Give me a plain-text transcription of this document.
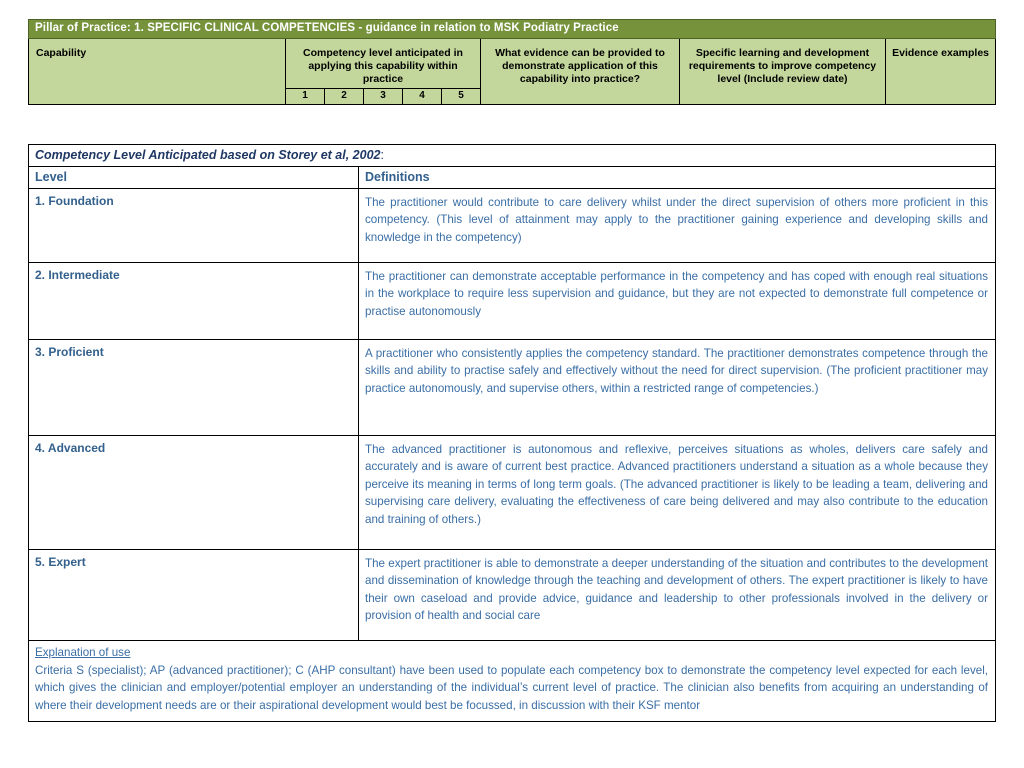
Pillar of Practice: 1. SPECIFIC CLINICAL COMPETENCIES - guidance in relation to MSK Podiatry Practice								
Capability	Competency level anticipated in applying this capability within practice					What evidence can be provided to demonstrate application of this capability into practice?	Specific learning and development requirements to improve competency level (Include review date)	Evidence examples
	1	2	3	4	5			
Competency Level Anticipated based on Storey et al, 2002:	
Level	Definitions
1. Foundation	The practitioner would contribute to care delivery whilst under the direct supervision of others more proficient in this competency. (This level of attainment may apply to the practitioner gaining experience and developing skills and knowledge in the competency)
2. Intermediate	The practitioner can demonstrate acceptable performance in the competency and has coped with enough real situations in the workplace to require less supervision and guidance, but they are not expected to demonstrate full competence or practise autonomously
3. Proficient	A practitioner who consistently applies the competency standard. The practitioner demonstrates competence through the skills and ability to practise safely and effectively without the need for direct supervision. (The proficient practitioner may practice autonomously, and supervise others, within a restricted range of competencies.)
4. Advanced	The advanced practitioner is autonomous and reflexive, perceives situations as wholes, delivers care safely and accurately and is aware of current best practice. Advanced practitioners understand a situation as a whole because they perceive its meaning in terms of long term goals. (The advanced practitioner is likely to be leading a team, delivering and supervising care delivery, evaluating the effectiveness of care being delivered and may also contribute to the education and training of others.)
5. Expert	The expert practitioner is able to demonstrate a deeper understanding of the situation and contributes to the development and dissemination of knowledge through the teaching and development of others. The expert practitioner is likely to have their own caseload and provide advice, guidance and leadership to other professionals involved in the delivery or provision of health and social care

Explanation of use
Criteria S (specialist); AP (advanced practitioner); C (AHP consultant) have been used to populate each competency box to demonstrate the competency level expected for each level, which gives the clinician and employer/potential employer an understanding of the individual’s current level of practice. The clinician also benefits from acquiring an understanding of where their development needs are or their aspirational development would best be focussed, in discussion with their KSF mentor	
